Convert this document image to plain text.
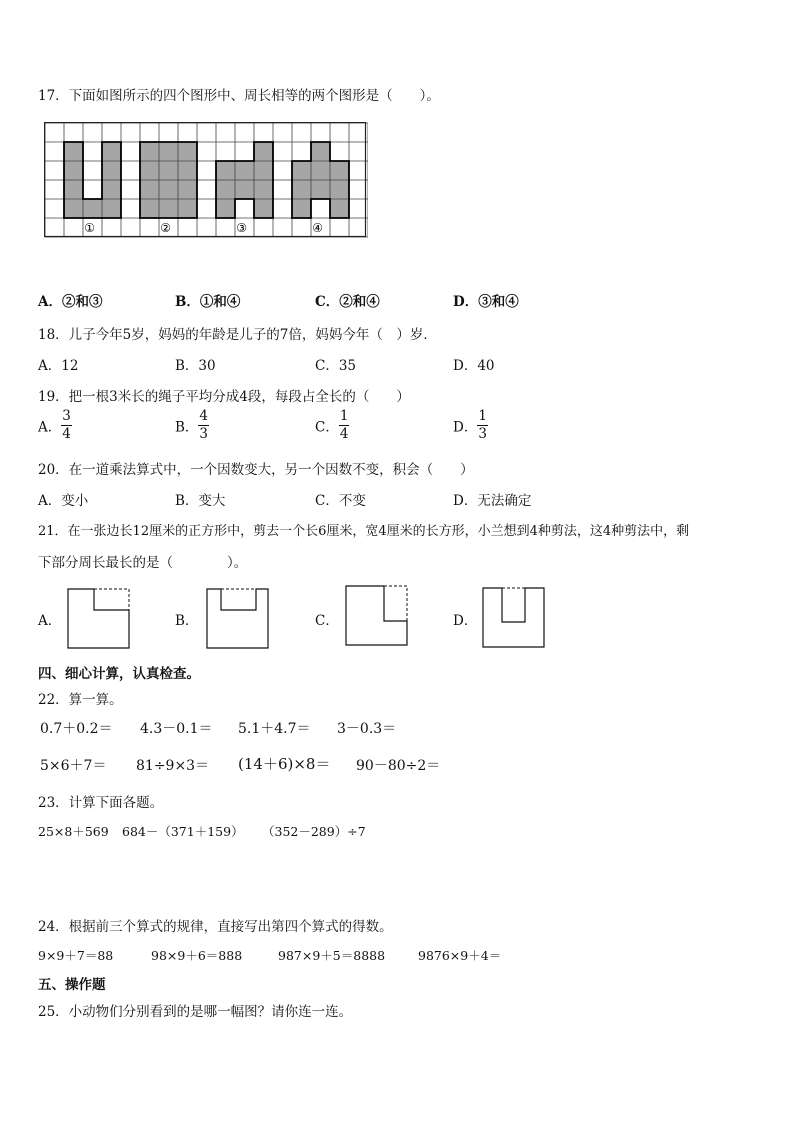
17．下面如图所示的四个图形中、周长相等的两个图形是（　　）。
①	②	③	④
A．②和③	B．①和④	C．②和④	D．③和④
18．儿子今年5岁，妈妈的年龄是儿子的7倍，妈妈今年（　）岁．
A．12	B．30	C．35	D．40
19．把一根3米长的绳子平均分成4段，每段占全长的（　　）
A． $\frac{3}{4}$	B． $\frac{4}{3}$	C． $\frac{1}{4}$	D． $\frac{1}{3}$
20．在一道乘法算式中，一个因数变大，另一个因数不变，积会（　　）
A．变小	B．变大	C．不变	D．无法确定
21．在一张边长12厘米的正方形中，剪去一个长6厘米，宽4厘米的长方形，小兰想到4种剪法，这4种剪法中，剩
下部分周长最长的是（　　　　）。
A．	B．	C．	D．
四、细心计算，认真检查。
22．算一算。
0.7＋0.2＝ 4.3－0.1＝ 5.1＋4.7＝ 3－0.3＝
5×6＋7＝ 81÷9×3＝ (14＋6)×8＝ 90－80÷2＝
23．计算下面各题。
25×8＋569 684－（371＋159） （352－289）÷7
24．根据前三个算式的规律，直接写出第四个算式的得数。
9×9＋7＝88	98×9＋6＝888	987×9＋5＝8888	9876×9＋4＝
五、操作题
25．小动物们分别看到的是哪一幅图？请你连一连。
